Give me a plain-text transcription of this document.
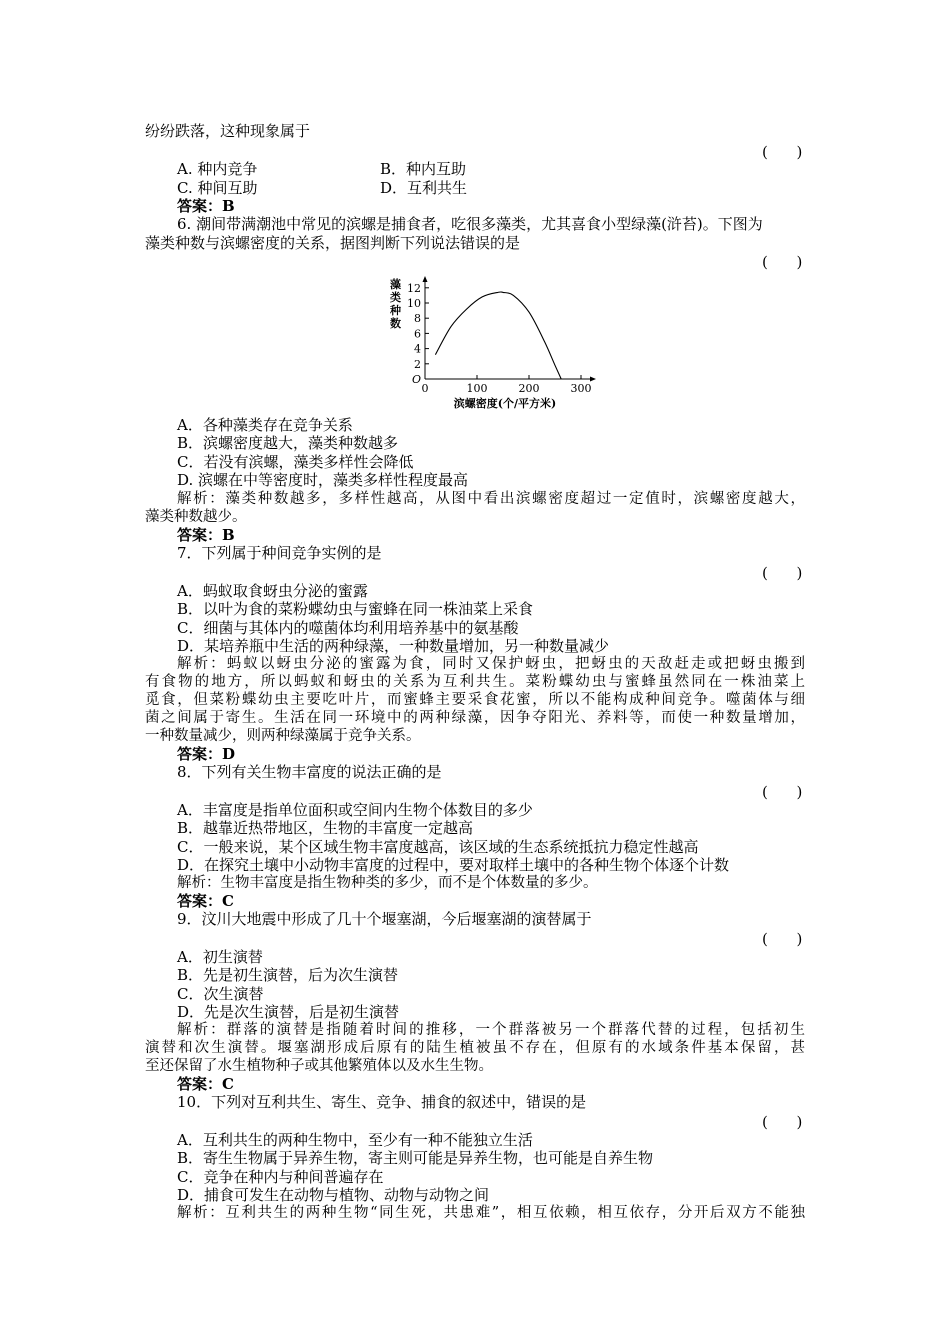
纷纷跌落，这种现象属于
(      )
A. 种内竞争	B．种内互助
C. 种间互助	D．互利共生
答案：B
6. 潮间带满潮池中常见的滨螺是捕食者，吃很多藻类，尤其喜食小型绿藻(浒苔)。下图为
藻类种数与滨螺密度的关系，据图判断下列说法错误的是
(      )
藻
类
种
数
2
4
6
8
10
12
0	100	200	300
O
滨螺密度(个/平方米)
A．各种藻类存在竞争关系
B．滨螺密度越大，藻类种数越多
C．若没有滨螺，藻类多样性会降低
D. 滨螺在中等密度时，藻类多样性程度最高
解析：藻类种数越多，多样性越高，从图中看出滨螺密度超过一定值时，滨螺密度越大，
藻类种数越少。
答案：B
7．下列属于种间竞争实例的是
(      )
A．蚂蚁取食蚜虫分泌的蜜露
B．以叶为食的菜粉蝶幼虫与蜜蜂在同一株油菜上采食
C．细菌与其体内的噬菌体均利用培养基中的氨基酸
D．某培养瓶中生活的两种绿藻，一种数量增加，另一种数量减少
解析：蚂蚁以蚜虫分泌的蜜露为食，同时又保护蚜虫，把蚜虫的天敌赶走或把蚜虫搬到
有食物的地方，所以蚂蚁和蚜虫的关系为互利共生。菜粉蝶幼虫与蜜蜂虽然同在一株油菜上
觅食，但菜粉蝶幼虫主要吃叶片，而蜜蜂主要采食花蜜，所以不能构成种间竞争。噬菌体与细
菌之间属于寄生。生活在同一环境中的两种绿藻，因争夺阳光、养料等，而使一种数量增加，
一种数量减少，则两种绿藻属于竞争关系。
答案：D
8．下列有关生物丰富度的说法正确的是
(      )
A．丰富度是指单位面积或空间内生物个体数目的多少
B．越靠近热带地区，生物的丰富度一定越高
C．一般来说，某个区域生物丰富度越高，该区域的生态系统抵抗力稳定性越高
D．在探究土壤中小动物丰富度的过程中，要对取样土壤中的各种生物个体逐个计数
解析：生物丰富度是指生物种类的多少，而不是个体数量的多少。
答案：C
9．汶川大地震中形成了几十个堰塞湖，今后堰塞湖的演替属于
(      )
A．初生演替
B．先是初生演替，后为次生演替
C．次生演替
D．先是次生演替，后是初生演替
解析：群落的演替是指随着时间的推移，一个群落被另一个群落代替的过程，包括初生
演替和次生演替。堰塞湖形成后原有的陆生植被虽不存在，但原有的水域条件基本保留，甚
至还保留了水生植物种子或其他繁殖体以及水生生物。
答案：C
10．下列对互利共生、寄生、竞争、捕食的叙述中，错误的是
(      )
A．互利共生的两种生物中，至少有一种不能独立生活
B．寄生生物属于异养生物，寄主则可能是异养生物，也可能是自养生物
C．竞争在种内与种间普遍存在
D．捕食可发生在动物与植物、动物与动物之间
解析：互利共生的两种生物“同生死，共患难”，相互依赖，相互依存，分开后双方不能独
